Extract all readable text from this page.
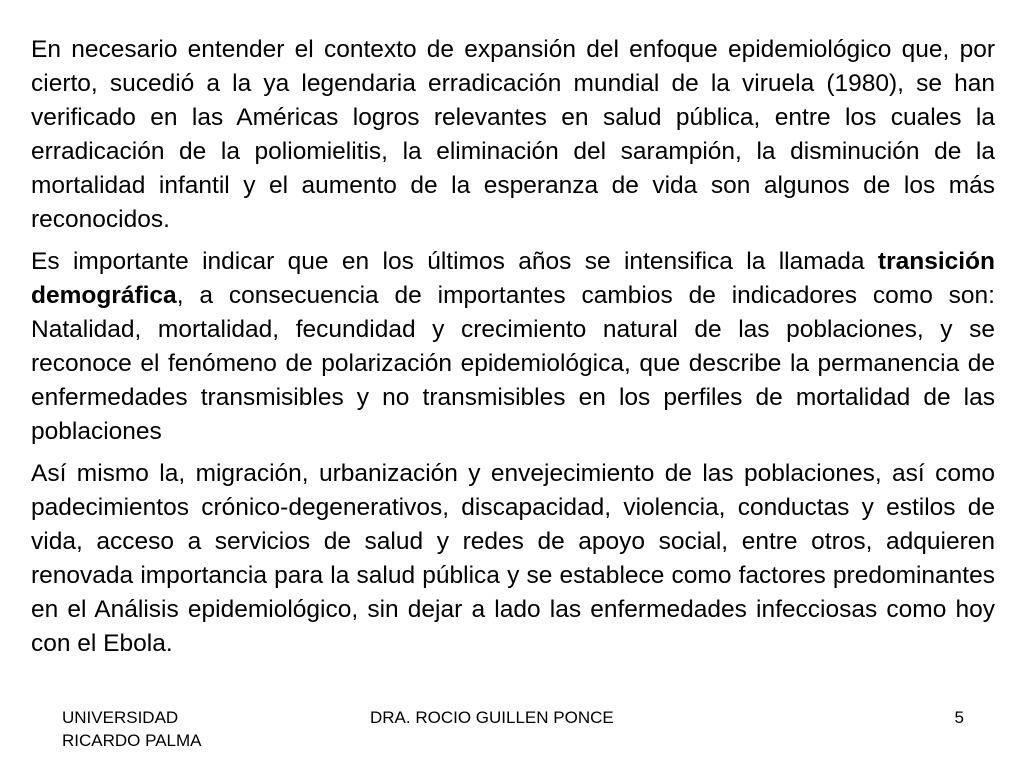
En necesario entender el contexto de expansión del enfoque epidemiológico que, por cierto, sucedió a la ya legendaria erradicación mundial de la viruela (1980), se han verificado en las Américas logros relevantes en salud pública, entre los cuales la erradicación de la poliomielitis, la eliminación del sarampión, la disminución de la mortalidad infantil y el aumento de la esperanza de vida son algunos de los más reconocidos.

Es importante indicar que en los últimos años se intensifica la llamada transición demográfica, a consecuencia de importantes cambios de indicadores como son: Natalidad, mortalidad, fecundidad y crecimiento natural de las poblaciones, y se reconoce el fenómeno de polarización epidemiológica, que describe la permanencia de enfermedades transmisibles y no transmisibles en los perfiles de mortalidad de las poblaciones

Así mismo la, migración, urbanización y envejecimiento de las poblaciones, así como padecimientos crónico-degenerativos, discapacidad, violencia, conductas y estilos de vida, acceso a servicios de salud y redes de apoyo social, entre otros, adquieren renovada importancia para la salud pública y se establece como factores predominantes en el Análisis epidemiológico, sin dejar a lado las enfermedades infecciosas como hoy con el Ebola.

UNIVERSIDAD
RICARDO PALMA
DRA. ROCIO GUILLEN PONCE	5
